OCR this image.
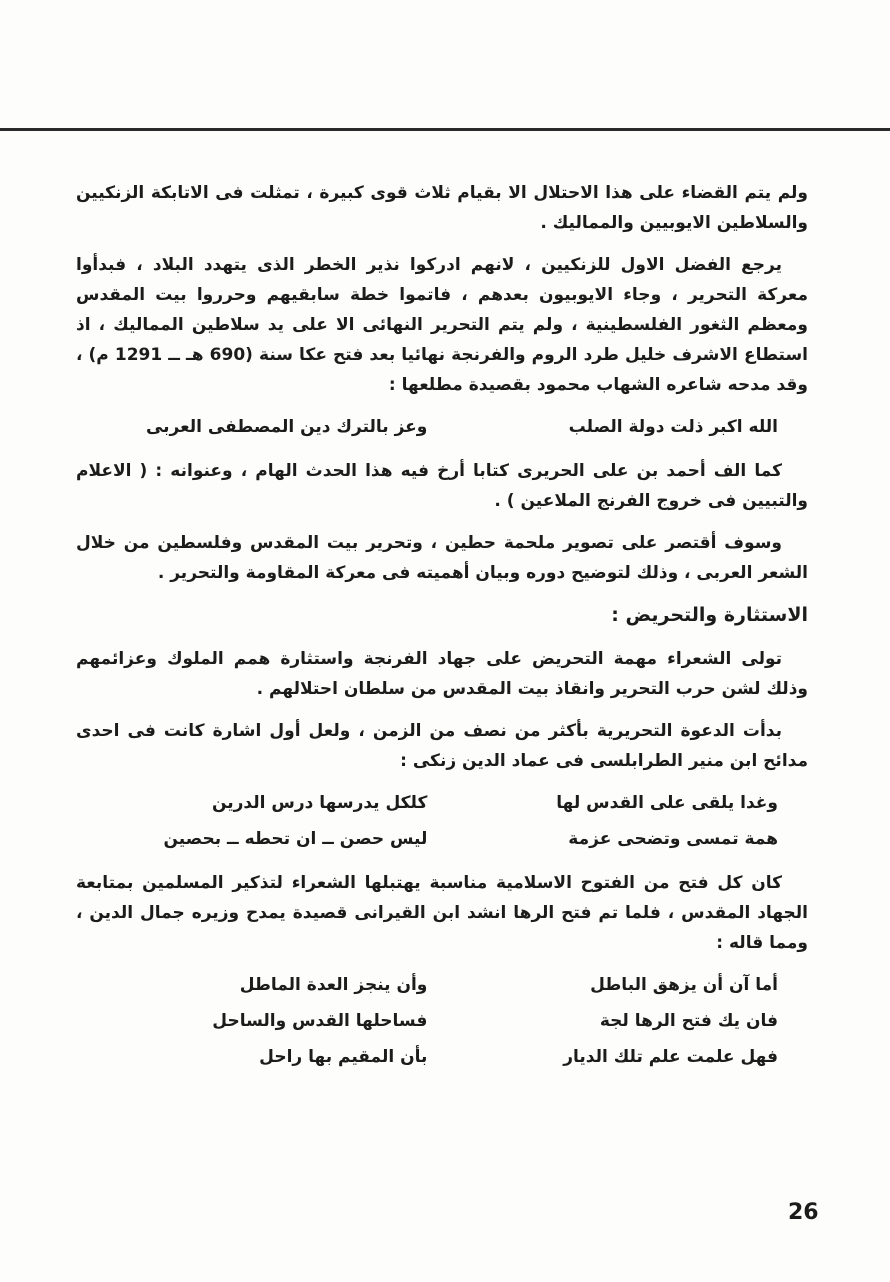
ولم يتم القضاء على هذا الاحتلال الا بقيام ثلاث قوى كبيرة ، تمثلت فى الاتابكة الزنكيين والسلاطين الايوبيين والمماليك .

يرجع الفضل الاول للزنكيين ، لانهم ادركوا نذير الخطر الذى يتهدد البلاد ، فبدأوا معركة التحرير ، وجاء الايوبيون بعدهم ، فاتموا خطة سابقيهم وحرروا بيت المقدس ومعظم الثغور الفلسطينية ، ولم يتم التحرير النهائى الا على يد سلاطين المماليك ، اذ استطاع الاشرف خليل طرد الروم والفرنجة نهائيا بعد فتح عكا سنة (690 هـ ــ 1291 م) ، وقد مدحه شاعره الشهاب محمود بقصيدة مطلعها :

الله اكبر ذلت دولة الصلب
وعز بالترك دين المصطفى العربى

كما الف أحمد بن على الحريرى كتابا أرخ فيه هذا الحدث الهام ، وعنوانه : ( الاعلام والتبيين فى خروج الفرنج الملاعين ) .

وسوف أقتصر على تصوير ملحمة حطين ، وتحرير بيت المقدس وفلسطين من خلال الشعر العربى ، وذلك لتوضيح دوره وبيان أهميته فى معركة المقاومة والتحرير .

الاستثارة والتحريض :

تولى الشعراء مهمة التحريض على جهاد الفرنجة واستثارة همم الملوك وعزائمهم وذلك لشن حرب التحرير وانقاذ بيت المقدس من سلطان احتلالهم .

بدأت الدعوة التحريرية بأكثر من نصف من الزمن ، ولعل أول اشارة كانت فى احدى مدائح ابن منير الطرابلسى فى عماد الدين زنكى :

وغدا يلقى على القدس لها
كلكل يدرسها درس الدرين
همة تمسى وتضحى عزمة
ليس حصن ــ ان تحطه ــ بحصين

كان كل فتح من الفتوح الاسلامية مناسبة يهتبلها الشعراء لتذكير المسلمين بمتابعة الجهاد المقدس ، فلما تم فتح الرها انشد ابن القيرانى قصيدة يمدح وزيره جمال الدين ، ومما قاله :

أما آن أن يزهق الباطل
وأن ينجز العدة الماطل
فان يك فتح الرها لجة
فساحلها القدس والساحل
فهل علمت علم تلك الديار
بأن المقيم بها راحل
26
